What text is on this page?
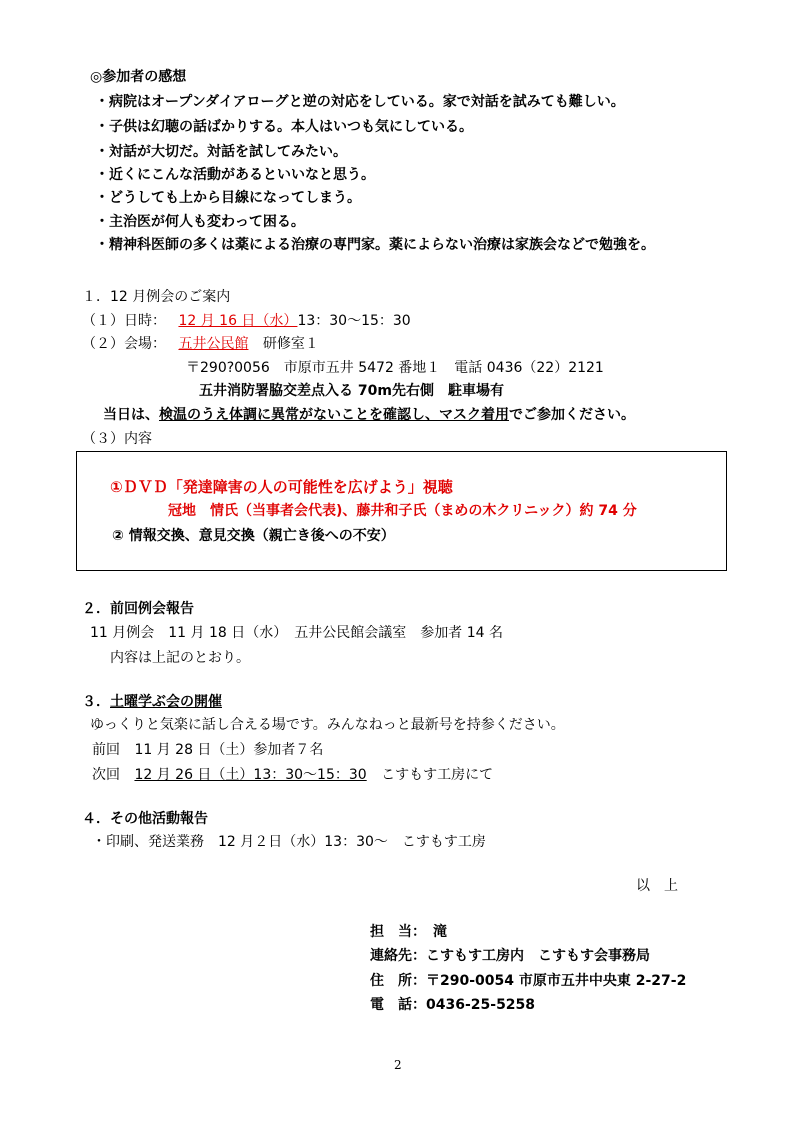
◎参加者の感想
・病院はオープンダイアローグと逆の対応をしている。家で対話を試みても難しい。
・子供は幻聴の話ばかりする。本人はいつも気にしている。
・対話が大切だ。対話を試してみたい。
・近くにこんな活動があるといいなと思う。
・どうしても上から目線になってしまう。
・主治医が何人も変わって困る。
・精神科医師の多くは薬による治療の専門家。薬によらない治療は家族会などで勉強を。
１．12 月例会のご案内
（１）日時： 12 月 16 日（水）13：30～15：30
（２）会場： 五井公民館 研修室１
〒290?0056　市原市五井 5472 番地１　電話 0436（22）2121
五井消防署脇交差点入る 70m先右側　駐車場有
当日は、検温のうえ体調に異常がないことを確認し、マスク着用でご参加ください。
（３）内容
①ＤＶＤ「発達障害の人の可能性を広げよう」視聴
冠地　情氏（当事者会代表)、藤井和子氏（まめの木クリニック）約 74 分
② 情報交換、意見交換（親亡き後への不安）
２．前回例会報告
11 月例会　11 月 18 日（水）　五井公民館会議室　参加者 14 名
内容は上記のとおり。
３．土曜学ぶ会の開催
ゆっくりと気楽に話し合える場です。みんなねっと最新号を持参ください。
前回 11 月 28 日（土）参加者７名
次回 12 月 26 日（土）13：30～15：30 こすもす工房にて
４．その他活動報告
・印刷、発送業務　12 月２日（水）13：30～　こすもす工房
以　上
担　当：　滝
連絡先：こすもす工房内　こすもす会事務局
住　所：〒290-0054 市原市五井中央東 2-27-2
電　話：0436-25-5258
2
